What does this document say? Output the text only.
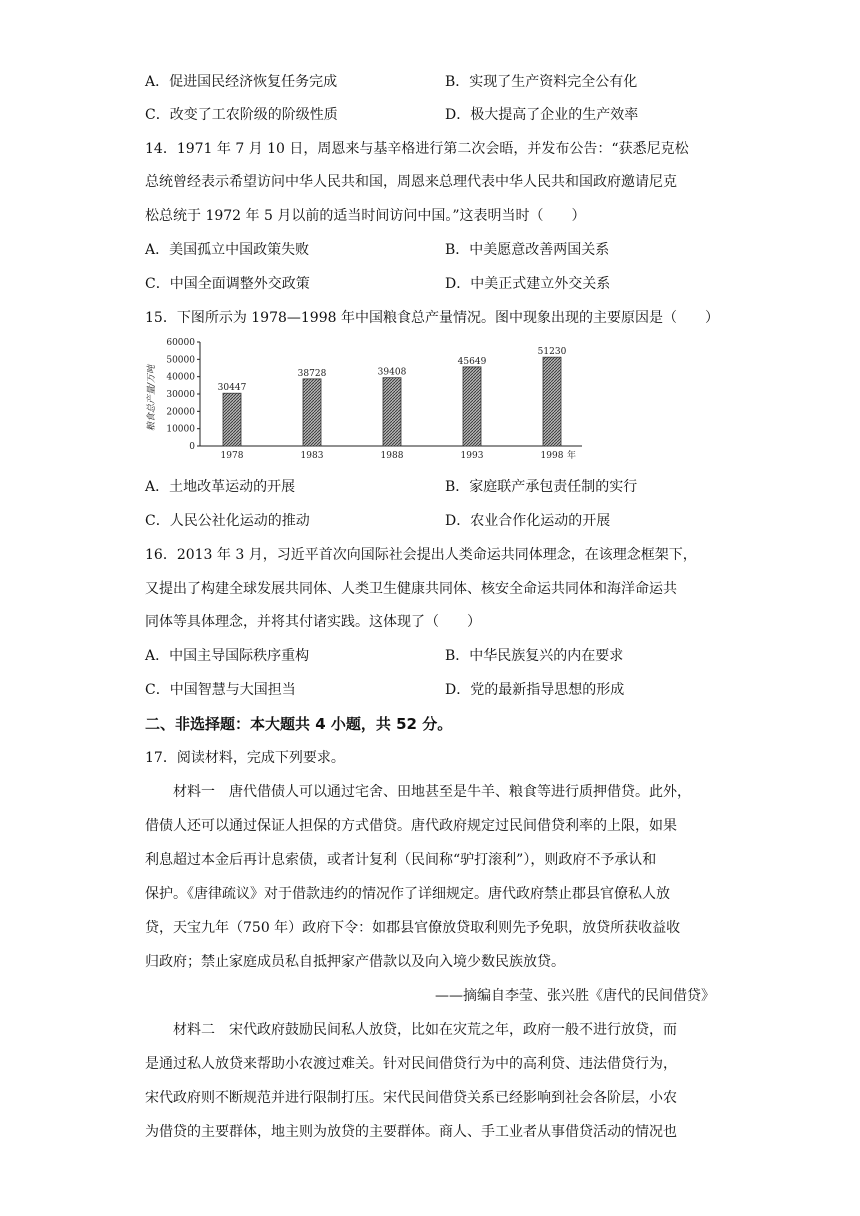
A．促进国民经济恢复任务完成	B．实现了生产资料完全公有化
C．改变了工农阶级的阶级性质	D．极大提高了企业的生产效率
14．1971 年 7 月 10 日，周恩来与基辛格进行第二次会晤，并发布公告：“获悉尼克松
总统曾经表示希望访问中华人民共和国，周恩来总理代表中华人民共和国政府邀请尼克
松总统于 1972 年 5 月以前的适当时间访问中国。”这表明当时（　　）
A．美国孤立中国政策失败	B．中美愿意改善两国关系
C．中国全面调整外交政策	D．中美正式建立外交关系
15．下图所示为 1978—1998 年中国粮食总产量情况。图中现象出现的主要原因是（　　）
粮食总产量/万吨
0
10000
20000
30000
40000
50000
60000
30447
38728	39408
45649
51230
1978	1983	1988	1993	1998 年
A．土地改革运动的开展	B．家庭联产承包责任制的实行
C．人民公社化运动的推动	D．农业合作化运动的开展
16．2013 年 3 月，习近平首次向国际社会提出人类命运共同体理念，在该理念框架下，
又提出了构建全球发展共同体、人类卫生健康共同体、核安全命运共同体和海洋命运共
同体等具体理念，并将其付诸实践。这体现了（　　）
A．中国主导国际秩序重构	B．中华民族复兴的内在要求
C．中国智慧与大国担当	D．党的最新指导思想的形成
二、非选择题：本大题共 4 小题，共 52 分。
17．阅读材料，完成下列要求。
材料一　唐代借债人可以通过宅舍、田地甚至是牛羊、粮食等进行质押借贷。此外，
借债人还可以通过保证人担保的方式借贷。唐代政府规定过民间借贷利率的上限，如果
利息超过本金后再计息索债，或者计复利（民间称“驴打滚利”），则政府不予承认和
保护。《唐律疏议》对于借款违约的情况作了详细规定。唐代政府禁止郡县官僚私人放
贷，天宝九年（750 年）政府下令：如郡县官僚放贷取利则先予免职，放贷所获收益收
归政府；禁止家庭成员私自抵押家产借款以及向入境少数民族放贷。
——摘编自李莹、张兴胜《唐代的民间借贷》
材料二　宋代政府鼓励民间私人放贷，比如在灾荒之年，政府一般不进行放贷，而
是通过私人放贷来帮助小农渡过难关。针对民间借贷行为中的高利贷、违法借贷行为，
宋代政府则不断规范并进行限制打压。宋代民间借贷关系已经影响到社会各阶层，小农
为借贷的主要群体，地主则为放贷的主要群体。商人、手工业者从事借贷活动的情况也
